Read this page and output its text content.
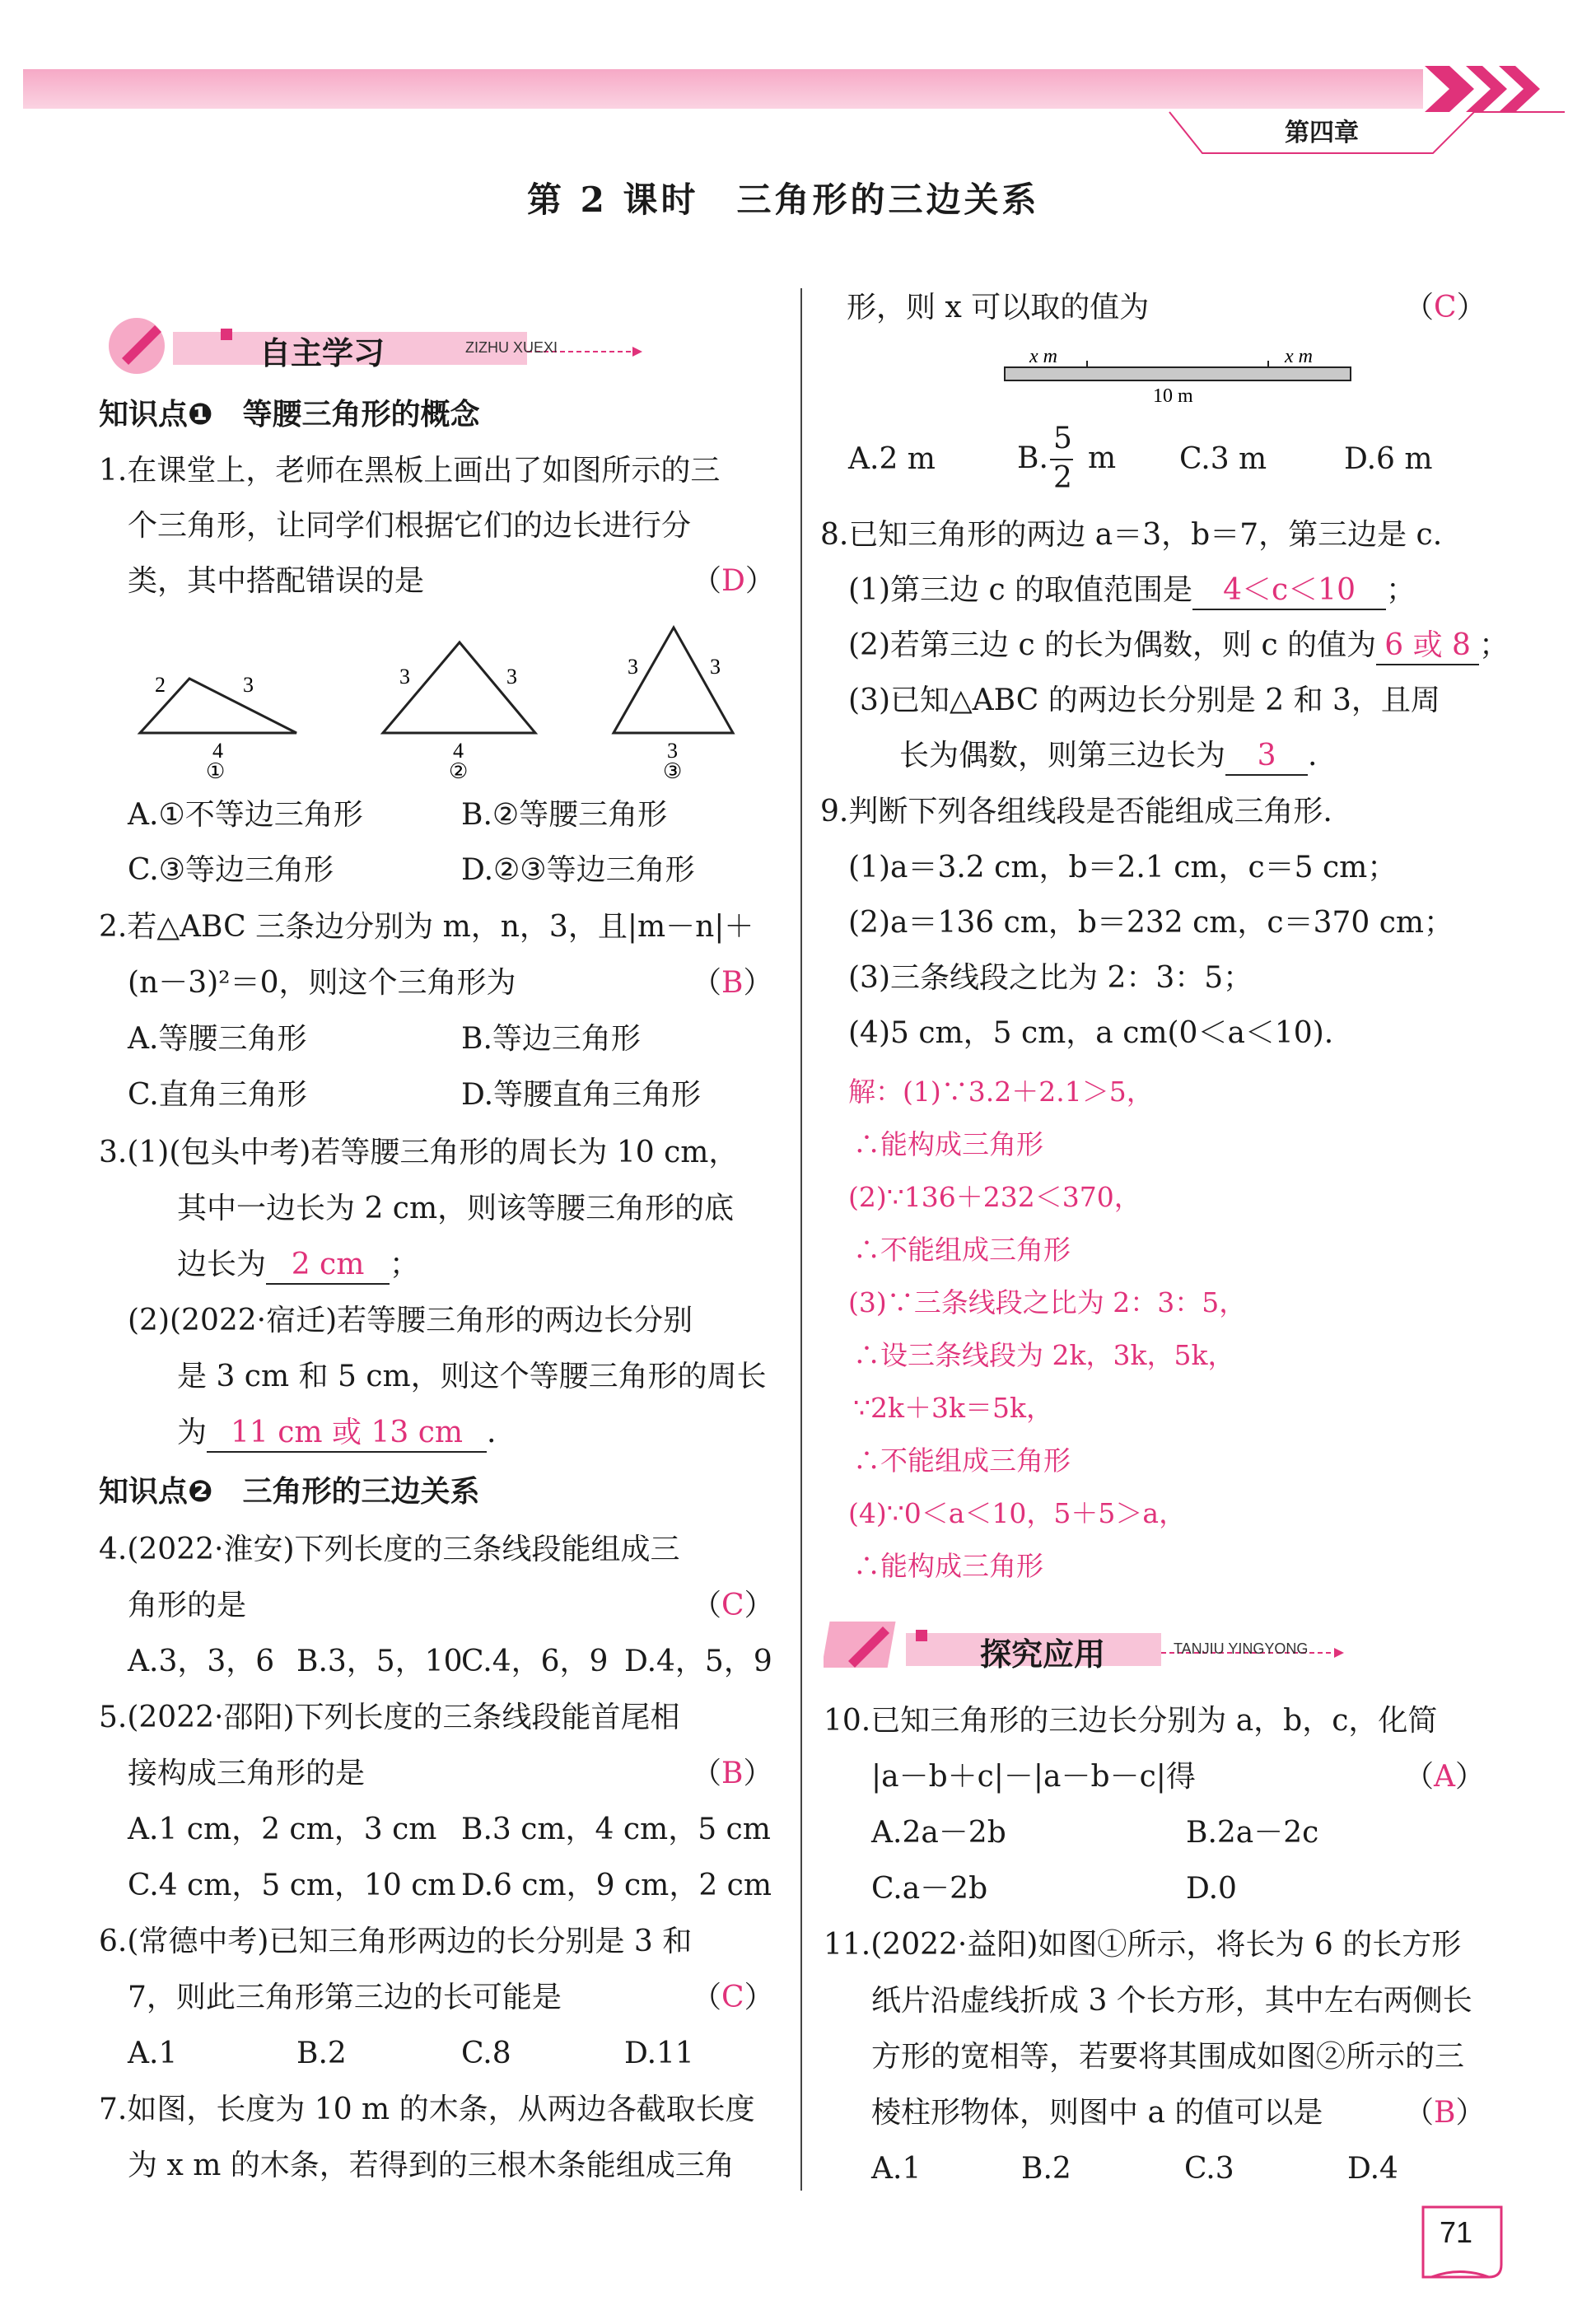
第四章
第 2 课时　三角形的三边关系
自主学习	ZIZHU XUEXI
知识点❶　等腰三角形的概念
1.在课堂上，老师在黑板上画出了如图所示的三
个三角形，让同学们根据它们的边长进行分
类，其中搭配错误的是	（D）
2	3
4
①
3	3
4
②
3	3
3
③
A.①不等边三角形	B.②等腰三角形
C.③等边三角形	D.②③等边三角形
2.若△ABC 三条边分别为 m，n，3，且|m－n|＋
(n－3)²＝0，则这个三角形为	（B）
A.等腰三角形	B.等边三角形
C.直角三角形	D.等腰直角三角形
3.(1)(包头中考)若等腰三角形的周长为 10 cm，
其中一边长为 2 cm，则该等腰三角形的底
边长为 2 cm ；
(2)(2022·宿迁)若等腰三角形的两边长分别
是 3 cm 和 5 cm，则这个等腰三角形的周长
为 11 cm 或 13 cm .
知识点❷　三角形的三边关系
4.(2022·淮安)下列长度的三条线段能组成三
角形的是	（C）
A.3，3，6 B.3，5，10
C.4，6，9 D.4，5，9
5.(2022·邵阳)下列长度的三条线段能首尾相
接构成三角形的是	（B）
A.1 cm，2 cm，3 cm B.3 cm，4 cm，5 cm
C.4 cm，5 cm，10 cm D.6 cm，9 cm，2 cm
6.(常德中考)已知三角形两边的长分别是 3 和
7，则此三角形第三边的长可能是	（C）
A.1	B.2	C.8	D.11
7.如图，长度为 10 m 的木条，从两边各截取长度
为 x m 的木条，若得到的三根木条能组成三角
形，则 x 可以取的值为	（C）
x m	x m
10 m
A.2 m	B.
5
2
m C.3 m	D.6 m
8.已知三角形的两边 a＝3，b＝7，第三边是 c.
(1)第三边 c 的取值范围是 4＜c＜10 ；
(2)若第三边 c 的长为偶数，则 c 的值为 6 或 8 ；
(3)已知△ABC 的两边长分别是 2 和 3，且周
长为偶数，则第三边长为 3 .
9.判断下列各组线段是否能组成三角形.
(1)a＝3.2 cm，b＝2.1 cm，c＝5 cm；
(2)a＝136 cm，b＝232 cm，c＝370 cm；
(3)三条线段之比为 2：3：5；
(4)5 cm，5 cm，a cm(0＜a＜10).
解：(1)∵3.2＋2.1＞5，
∴能构成三角形
(2)∵136＋232＜370，
∴不能组成三角形
(3)∵三条线段之比为 2：3：5，
∴设三条线段为 2k，3k，5k，
∵2k＋3k＝5k，
∴不能组成三角形
(4)∵0＜a＜10，5＋5＞a，
∴能构成三角形
探究应用	TANJIU YINGYONG
10.已知三角形的三边长分别为 a，b，c，化简
|a－b＋c|－|a－b－c|得	（A）
A.2a－2b	B.2a－2c
C.a－2b	D.0
11.(2022·益阳)如图①所示，将长为 6 的长方形
纸片沿虚线折成 3 个长方形，其中左右两侧长
方形的宽相等，若要将其围成如图②所示的三
棱柱形物体，则图中 a 的值可以是	（B）
A.1	B.2	C.3	D.4
71
